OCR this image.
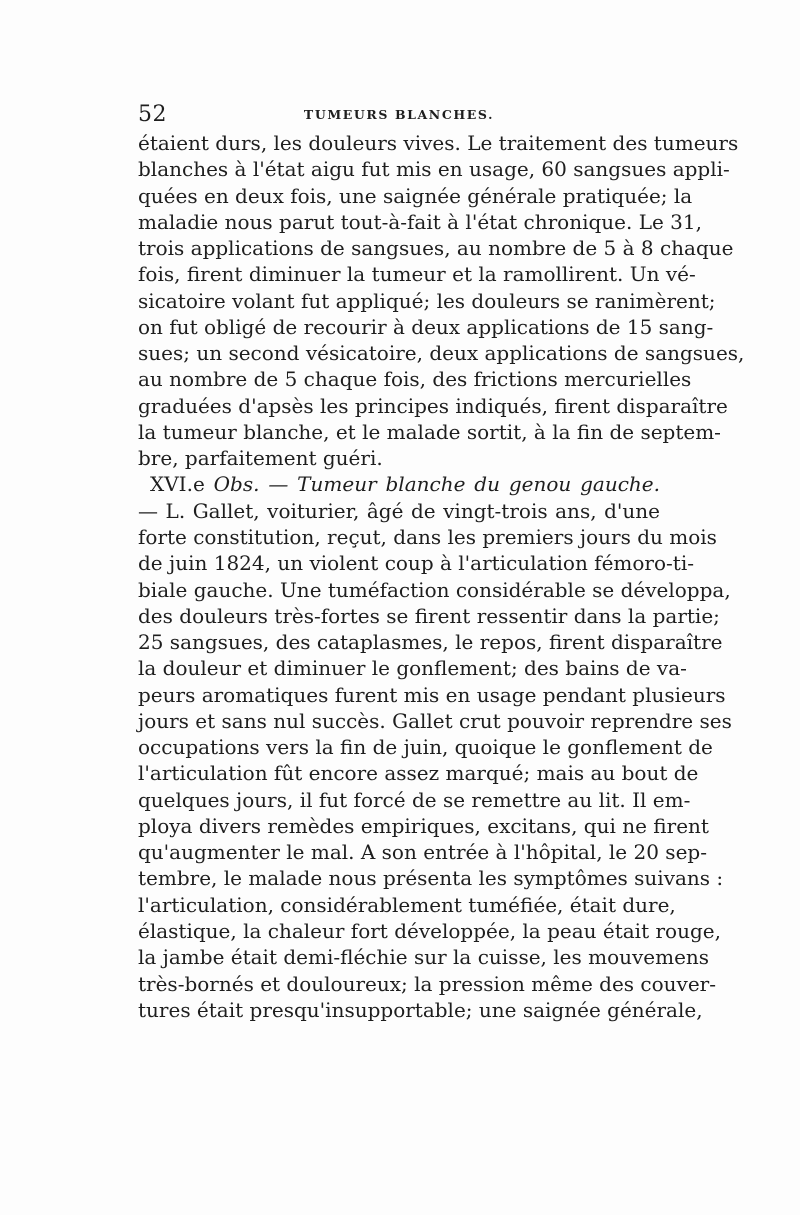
52	TUMEURS BLANCHES.
étaient durs, les douleurs vives. Le traitement des tumeurs
blanches à l'état aigu fut mis en usage, 60 sangsues appli-
quées en deux fois, une saignée générale pratiquée; la
maladie nous parut tout-à-fait à l'état chronique. Le 31,
trois applications de sangsues, au nombre de 5 à 8 chaque
fois, firent diminuer la tumeur et la ramollirent. Un vé-
sicatoire volant fut appliqué; les douleurs se ranimèrent;
on fut obligé de recourir à deux applications de 15 sang-
sues; un second vésicatoire, deux applications de sangsues,
au nombre de 5 chaque fois, des frictions mercurielles
graduées d'apsès les principes indiqués, firent disparaître
la tumeur blanche, et le malade sortit, à la fin de septem-
bre, parfaitement guéri.
XVI.e Obs. — Tumeur blanche du genou gauche.
— L. Gallet, voiturier, âgé de vingt-trois ans, d'une
forte constitution, reçut, dans les premiers jours du mois
de juin 1824, un violent coup à l'articulation fémoro-ti-
biale gauche. Une tuméfaction considérable se développa,
des douleurs très-fortes se firent ressentir dans la partie;
25 sangsues, des cataplasmes, le repos, firent disparaître
la douleur et diminuer le gonflement; des bains de va-
peurs aromatiques furent mis en usage pendant plusieurs
jours et sans nul succès. Gallet crut pouvoir reprendre ses
occupations vers la fin de juin, quoique le gonflement de
l'articulation fût encore assez marqué; mais au bout de
quelques jours, il fut forcé de se remettre au lit. Il em-
ploya divers remèdes empiriques, excitans, qui ne firent
qu'augmenter le mal. A son entrée à l'hôpital, le 20 sep-
tembre, le malade nous présenta les symptômes suivans :
l'articulation, considérablement tuméfiée, était dure,
élastique, la chaleur fort développée, la peau était rouge,
la jambe était demi-fléchie sur la cuisse, les mouvemens
très-bornés et douloureux; la pression même des couver-
tures était presqu'insupportable; une saignée générale,
